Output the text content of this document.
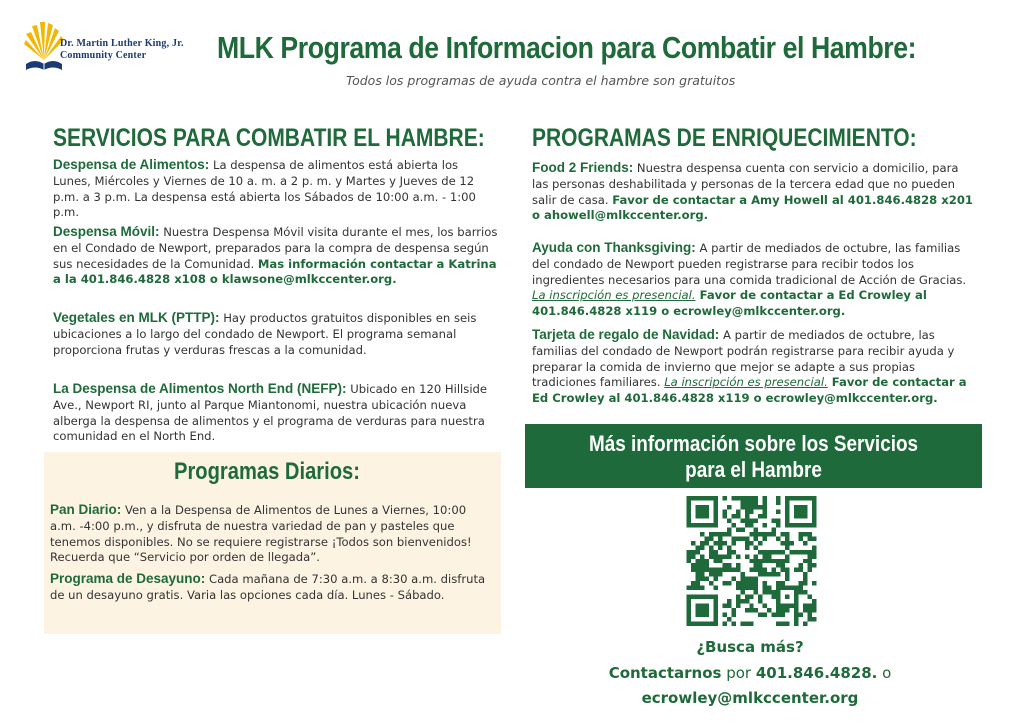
Dr. Martin Luther King, Jr.
Community Center	MLK Programa de Informacion para Combatir el Hambre:
Todos los programas de ayuda contra el hambre son gratuitos
SERVICIOS PARA COMBATIR EL HAMBRE:
Despensa de Alimentos: La despensa de alimentos está abierta los Lunes, Miércoles y Viernes de 10 a. m. a 2 p. m. y Martes y Jueves de 12 p.m. a 3 p.m. La despensa está abierta los Sábados de 10:00 a.m. - 1:00 p.m.
Despensa Móvil: Nuestra Despensa Móvil visita durante el mes, los barrios en el Condado de Newport, preparados para la compra de despensa según sus necesidades de la Comunidad. Mas información contactar a Katrina a la 401.846.4828 x108 o klawsone@mlkccenter.org.
Vegetales en MLK (PTTP): Hay productos gratuitos disponibles en seis ubicaciones a lo largo del condado de Newport. El programa semanal proporciona frutas y verduras frescas a la comunidad.
La Despensa de Alimentos North End (NEFP): Ubicado en 120 Hillside Ave., Newport RI, junto al Parque Miantonomi, nuestra ubicación nueva alberga la despensa de alimentos y el programa de verduras para nuestra comunidad en el North End.
Programas Diarios:
Pan Diario: Ven a la Despensa de Alimentos de Lunes a Viernes, 10:00 a.m. -4:00 p.m., y disfruta de nuestra variedad de pan y pasteles que tenemos disponibles. No se requiere registrarse ¡Todos son bienvenidos! Recuerda que “Servicio por orden de llegada”.
Programa de Desayuno: Cada mañana de 7:30 a.m. a 8:30 a.m. disfruta de un desayuno gratis. Varia las opciones cada día. Lunes - Sábado.
PROGRAMAS DE ENRIQUECIMIENTO:
Food 2 Friends: Nuestra despensa cuenta con servicio a domicilio, para las personas deshabilitada y personas de la tercera edad que no pueden salir de casa. Favor de contactar a Amy Howell al 401.846.4828 x201 o ahowell@mlkccenter.org.
Ayuda con Thanksgiving: A partir de mediados de octubre, las familias del condado de Newport pueden registrarse para recibir todos los ingredientes necesarios para una comida tradicional de Acción de Gracias. La inscripción es presencial. Favor de contactar a Ed Crowley al 401.846.4828 x119 o ecrowley@mlkccenter.org.
Tarjeta de regalo de Navidad: A partir de mediados de octubre, las familias del condado de Newport podrán registrarse para recibir ayuda y preparar la comida de invierno que mejor se adapte a sus propias tradiciones familiares. La inscripción es presencial. Favor de contactar a Ed Crowley al 401.846.4828 x119 o ecrowley@mlkccenter.org.
Más información sobre los Servicios
para el Hambre
¿Busca más?
Contactarnos por 401.846.4828. o
ecrowley@mlkccenter.org
